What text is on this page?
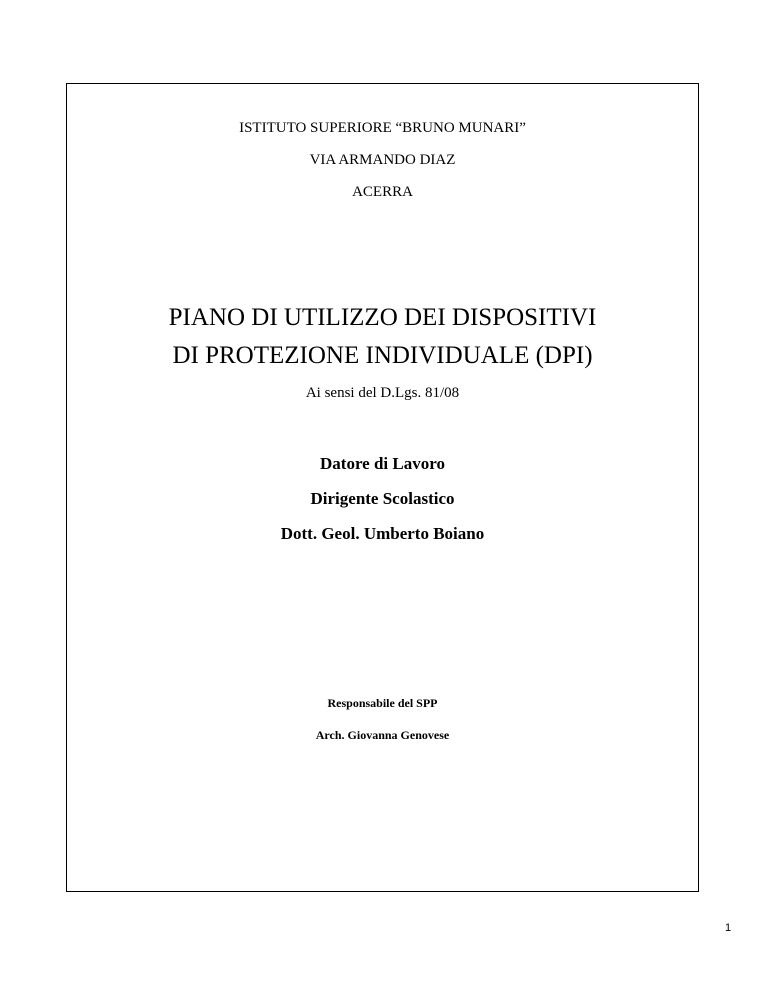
ISTITUTO SUPERIORE “BRUNO MUNARI”
VIA ARMANDO DIAZ
ACERRA
PIANO DI UTILIZZO DEI DISPOSITIVI
DI PROTEZIONE INDIVIDUALE (DPI)
Ai sensi del D.Lgs. 81/08
Datore di Lavoro
Dirigente Scolastico
Dott. Geol. Umberto Boiano
Responsabile del SPP
Arch. Giovanna Genovese
1
